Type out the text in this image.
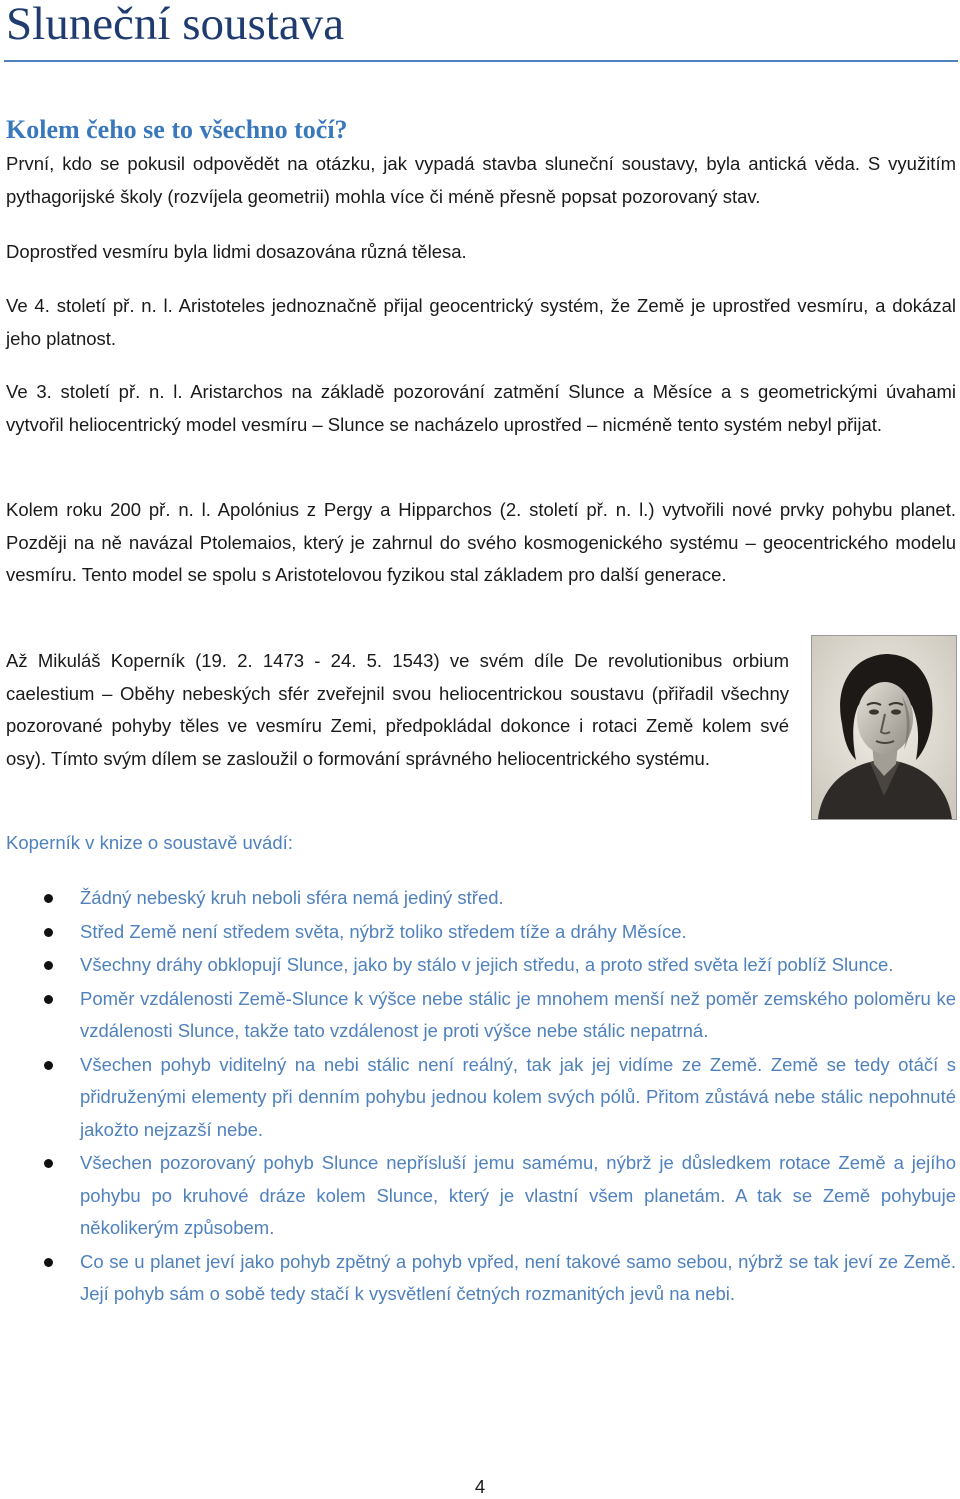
Sluneční soustava
Kolem čeho se to všechno točí?

První, kdo se pokusil odpovědět na otázku, jak vypadá stavba sluneční soustavy, byla antická věda. S využitím pythagorijské školy (rozvíjela geometrii) mohla více či méně přesně popsat pozorovaný stav.

Doprostřed vesmíru byla lidmi dosazována různá tělesa.

Ve 4. století př. n. l. Aristoteles jednoznačně přijal geocentrický systém, že Země je uprostřed vesmíru, a dokázal jeho platnost.

Ve 3. století př. n. l. Aristarchos na základě pozorování zatmění Slunce a Měsíce a s geometrickými úvahami vytvořil heliocentrický model vesmíru – Slunce se nacházelo uprostřed – nicméně tento systém nebyl přijat.

Kolem roku 200 př. n. l. Apolónius z Pergy a Hipparchos (2. století př. n. l.) vytvořili nové prvky pohybu planet. Později na ně navázal Ptolemaios, který je zahrnul do svého kosmogenického systému – geocentrického modelu vesmíru. Tento model se spolu s Aristotelovou fyzikou stal základem pro další generace.

Až Mikuláš Koperník (19. 2. 1473 - 24. 5. 1543) ve svém díle De revolutionibus orbium caelestium – Oběhy nebeských sfér zveřejnil svou heliocentrickou soustavu (přiřadil všechny pozorované pohyby těles ve vesmíru Zemi, předpokládal dokonce i rotaci Země kolem své osy). Tímto svým dílem se zasloužil o formování správného heliocentrického systému.

Koperník v knize o soustavě uvádí:
Žádný nebeský kruh neboli sféra nemá jediný střed.
Střed Země není středem světa, nýbrž toliko středem tíže a dráhy Měsíce.
Všechny dráhy obklopují Slunce, jako by stálo v jejich středu, a proto střed světa leží poblíž Slunce.
Poměr vzdálenosti Země-Slunce k výšce nebe stálic je mnohem menší než poměr zemského poloměru ke vzdálenosti Slunce, takže tato vzdálenost je proti výšce nebe stálic nepatrná.
Všechen pohyb viditelný na nebi stálic není reálný, tak jak jej vidíme ze Země. Země se tedy otáčí s přidruženými elementy při denním pohybu jednou kolem svých pólů. Přitom zůstává nebe stálic nepohnuté jakožto nejzazší nebe.
Všechen pozorovaný pohyb Slunce nepřísluší jemu samému, nýbrž je důsledkem rotace Země a jejího pohybu po kruhové dráze kolem Slunce, který je vlastní všem planetám. A tak se Země pohybuje několikerým způsobem.
Co se u planet jeví jako pohyb zpětný a pohyb vpřed, není takové samo sebou, nýbrž se tak jeví ze Země. Její pohyb sám o sobě tedy stačí k vysvětlení četných rozmanitých jevů na nebi.
4
